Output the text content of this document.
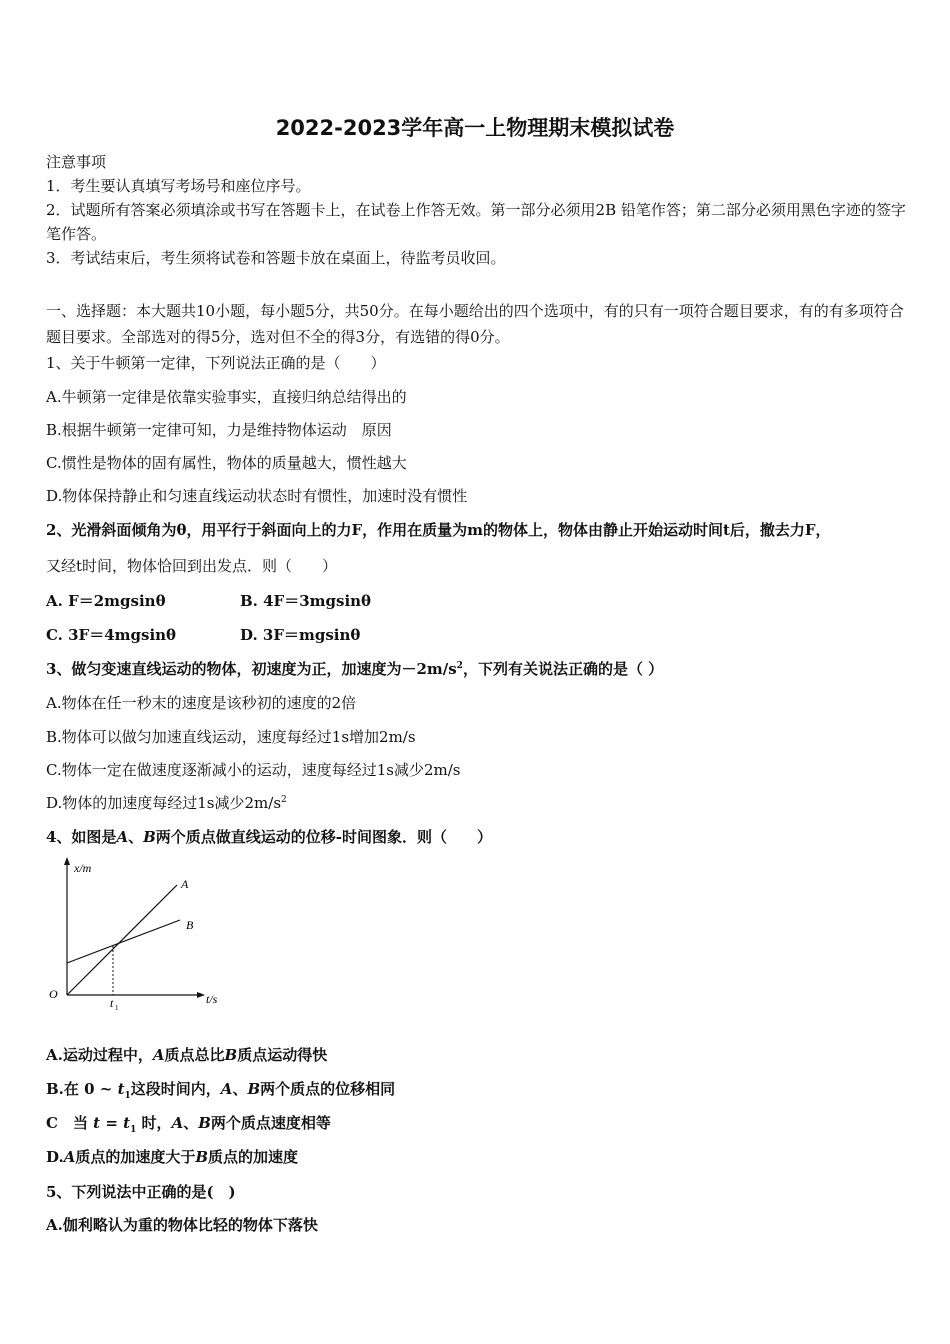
2022-2023学年高一上物理期末模拟试卷
注意事项
1．考生要认真填写考场号和座位序号。
2．试题所有答案必须填涂或书写在答题卡上，在试卷上作答无效。第一部分必须用2B 铅笔作答；第二部分必须用黑色字迹的签字笔作答。
3．考试结束后，考生须将试卷和答题卡放在桌面上，待监考员收回。
一、选择题：本大题共10小题，每小题5分，共50分。在每小题给出的四个选项中，有的只有一项符合题目要求，有的有多项符合题目要求。全部选对的得5分，选对但不全的得3分，有选错的得0分。
1、关于牛顿第一定律，下列说法正确的是（　　）
A.牛顿第一定律是依靠实验事实，直接归纳总结得出的
B.根据牛顿第一定律可知，力是维持物体运动　原因
C.惯性是物体的固有属性，物体的质量越大，惯性越大
D.物体保持静止和匀速直线运动状态时有惯性，加速时没有惯性
2、光滑斜面倾角为θ，用平行于斜面向上的力F，作用在质量为m的物体上，物体由静止开始运动时间t后，撤去力F，
又经t时间，物体恰回到出发点．则（　　）
A. F＝2mgsinθ	B. 4F＝3mgsinθ
C. 3F＝4mgsinθ	D. 3F＝mgsinθ
3、做匀变速直线运动的物体，初速度为正，加速度为$-2m/s^2$，下列有关说法正确的是（ ）
A.物体在任一秒末的速度是该秒初的速度的2倍
B.物体可以做匀加速直线运动，速度每经过1s增加2m/s
C.物体一定在做速度逐渐减小的运动，速度每经过1s减少2m/s
D.物体的加速度每经过1s减少$2m/s^2$
4、如图是A、B两个质点做直线运动的位移-时间图象．则（　　）
x/m
t/s
O
A
B
t 1
A.运动过程中，A质点总比B质点运动得快
B.在 0 ~ $t_1$这段时间内，A、B两个质点的位移相同
C　当 $t = t_1$ 时，A、B两个质点速度相等
D.A质点的加速度大于B质点的加速度
5、下列说法中正确的是(　)
A.伽利略认为重的物体比轻的物体下落快
